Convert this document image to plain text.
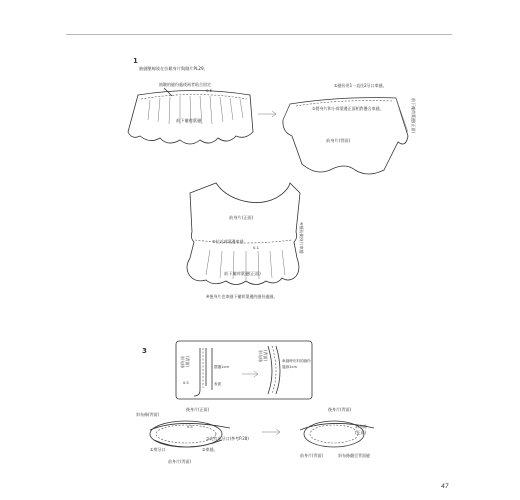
1
抽縫壓線放在拉鬆身片與側片PL29。
抽皺的縫份處使兩者貼合固定
0.5
前下襬荷葉邊
①縫份用1一直往2牙口車縫。
②將身片和小荷葉邊正面相對疊合車縫。
前身片(背面)
前下襬荷葉邊(正面)
前身片(正面)
④縫份側身片車縫
③拉近荷葉邊車縫
0.1
前下襬荷葉邊(正面)
※後身片也車縫下襬荷葉邊的縫份處縫。
3
斜布條 (背面)
0.5
摺疊1cm
表面
斜布條 (背面)	車縫時布料的縫份
邊緣1cm
後身片(正面)
斜布條(背面)
後身片(背面)
斜布條
(正面)
③先作出牙口(參考P.28)
0.5
①剪牙口	②車縫。
前身片(背面)
前身片(背面)	斜布條翻至背面縫
47
